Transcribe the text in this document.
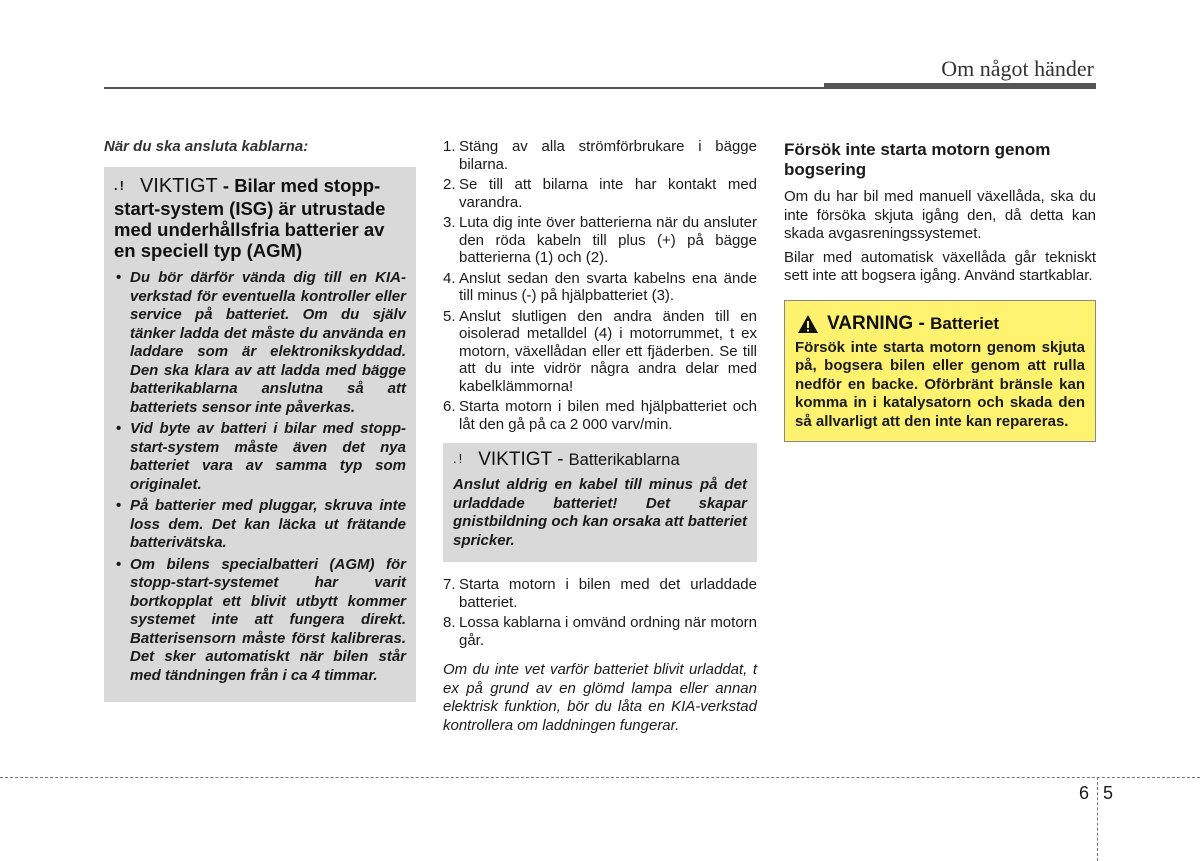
Om något händer
När du ska ansluta kablarna:
.! VIKTIGT - Bilar med stopp-start-system (ISG) är utrustade med underhållsfria batterier av en speciell typ (AGM)
• Du bör därför vända dig till en KIA-verkstad för eventuella kontroller eller service på batteriet. Om du själv tänker ladda det måste du använda en laddare som är elektronikskyddad. Den ska klara av att ladda med bägge batterikablarna anslutna så att batteriets sensor inte påverkas.
• Vid byte av batteri i bilar med stopp-start-system måste även det nya batteriet vara av samma typ som originalet.
• På batterier med pluggar, skruva inte loss dem. Det kan läcka ut frätande batterivätska.
• Om bilens specialbatteri (AGM) för stopp-start-systemet har varit bortkopplat ett blivit utbytt kommer systemet inte att fungera direkt. Batterisensorn måste först kalibreras. Det sker automatiskt när bilen står med tändningen från i ca 4 timmar.
1. Stäng av alla strömförbrukare i bägge bilarna.
2. Se till att bilarna inte har kontakt med varandra.
3. Luta dig inte över batterierna när du ansluter den röda kabeln till plus (+) på bägge batterierna (1) och (2).
4. Anslut sedan den svarta kabelns ena ände till minus (-) på hjälpbatteriet (3).
5. Anslut slutligen den andra änden till en oisolerad metalldel (4) i motorrummet, t ex motorn, växellådan eller ett fjäderben. Se till att du inte vidrör några andra delar med kabelklämmorna!
6. Starta motorn i bilen med hjälpbatteriet och låt den gå på ca 2 000 varv/min.
.! VIKTIGT - Batterikablarna
Anslut aldrig en kabel till minus på det urladdade batteriet! Det skapar gnistbildning och kan orsaka att batteriet spricker.
7. Starta motorn i bilen med det urladdade batteriet.
8. Lossa kablarna i omvänd ordning när motorn går.
Om du inte vet varför batteriet blivit urladdat, t ex på grund av en glömd lampa eller annan elektrisk funktion, bör du låta en KIA-verkstad kontrollera om laddningen fungerar.
Försök inte starta motorn genom bogsering

Om du har bil med manuell växellåda, ska du inte försöka skjuta igång den, då detta kan skada avgasreningssystemet.

Bilar med automatisk växellåda går tekniskt sett inte att bogsera igång. Använd startkablar.

VARNING -
Batteriet
Försök inte starta motorn genom skjuta på, bogsera bilen eller genom att rulla nedför en backe. Oförbränt bränsle kan komma in i katalysatorn och skada den så allvarligt att den inte kan repareras.
6 5
